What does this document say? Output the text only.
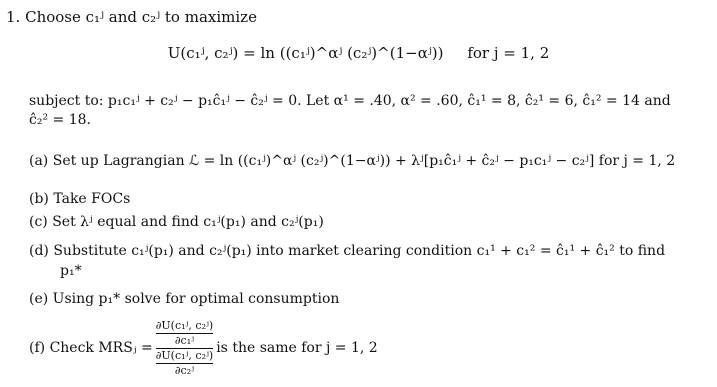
1. Choose c₁ʲ and c₂ʲ to maximize
U(c₁ʲ, c₂ʲ) = ln ((c₁ʲ)^αʲ (c₂ʲ)^(1−αʲ)) for j = 1, 2
subject to: p₁c₁ʲ + c₂ʲ − p₁ĉ₁ʲ − ĉ₂ʲ = 0. Let α¹ = .40, α² = .60, ĉ₁¹ = 8, ĉ₂¹ = 6, ĉ₁² = 14 and
ĉ₂² = 18.
(a) Set up Lagrangian ℒ = ln ((c₁ʲ)^αʲ (c₂ʲ)^(1−αʲ)) + λʲ[p₁ĉ₁ʲ + ĉ₂ʲ − p₁c₁ʲ − c₂ʲ] for j = 1, 2
(b) Take FOCs
(c) Set λʲ equal and find c₁ʲ(p₁) and c₂ʲ(p₁)
(d) Substitute c₁ʲ(p₁) and c₂ʲ(p₁) into market clearing condition c₁¹ + c₁² = ĉ₁¹ + ĉ₁² to find
p₁*
(e) Using p₁* solve for optimal consumption
(f)
Check MRSⱼ = $\frac{\frac{\text{∂U(c₁ʲ, c₂ʲ)}}{\text{∂c₁ʲ}}}{\frac{\text{∂U(c₁ʲ, c₂ʲ)}}{\text{∂c₂ʲ}}}$ is the same for j = 1, 2
